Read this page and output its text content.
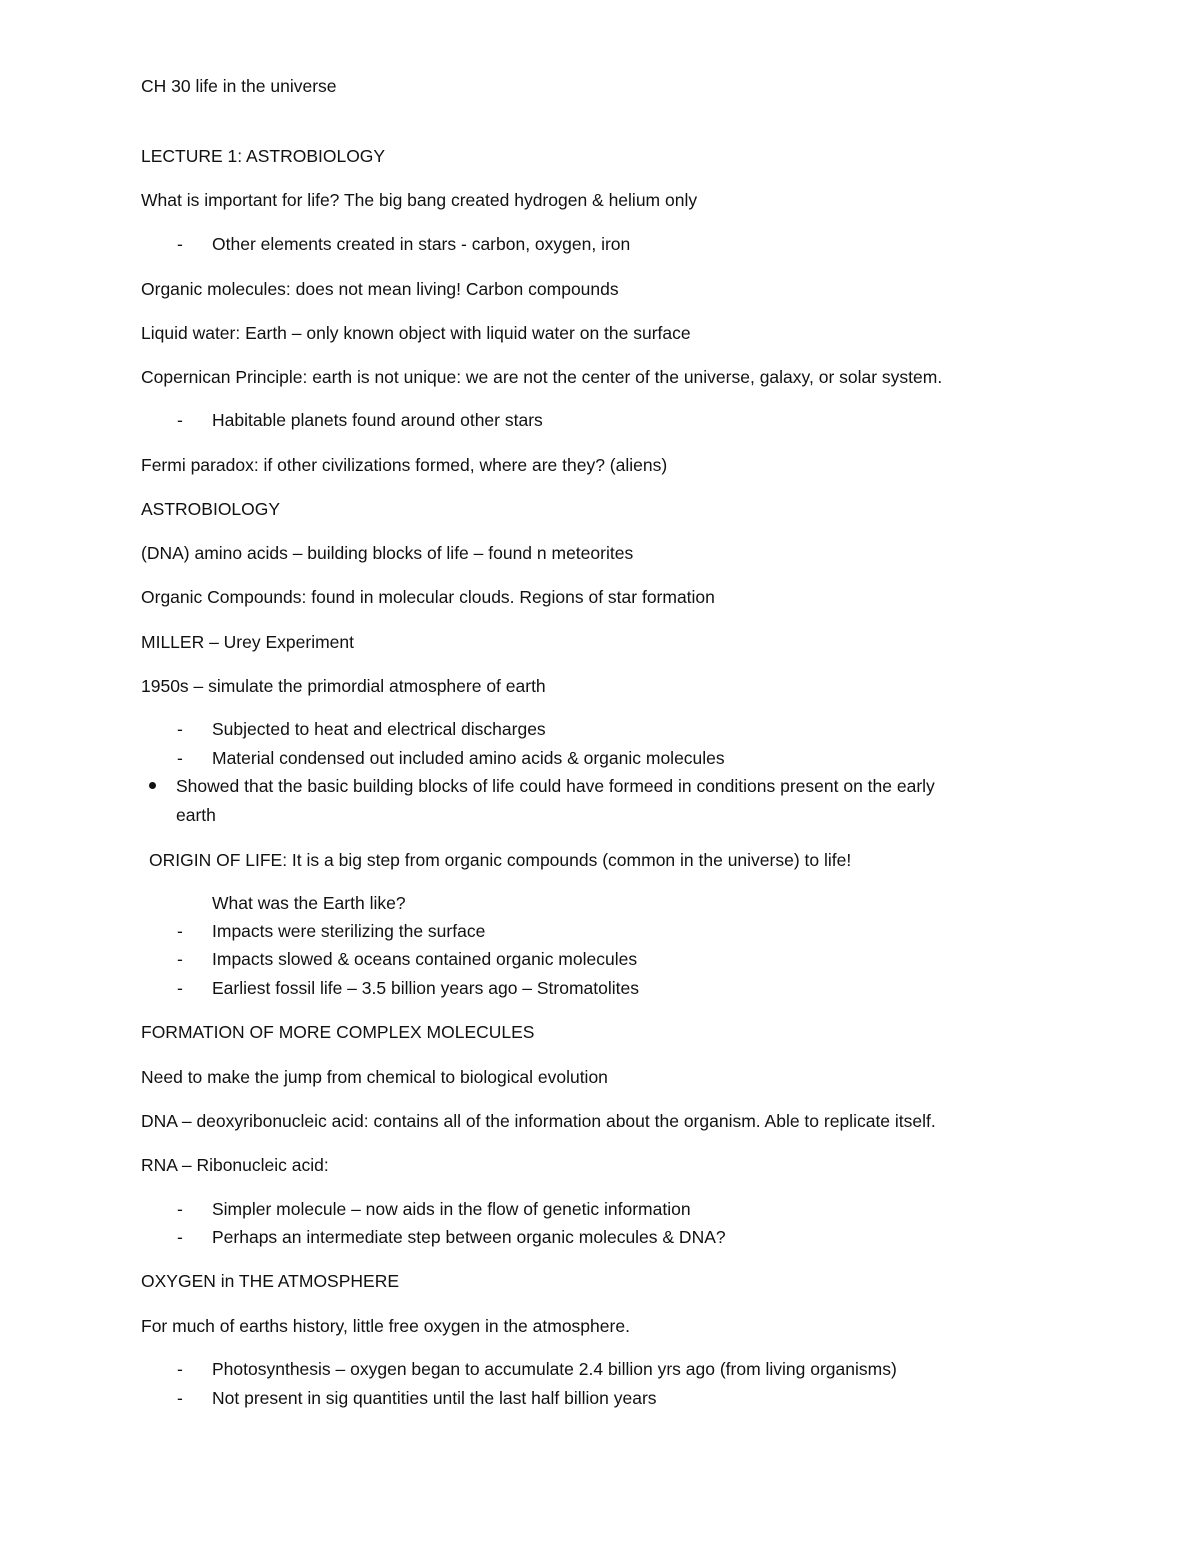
CH 30 life in the universe
LECTURE 1: ASTROBIOLOGY
What is important for life? The big bang created hydrogen & helium only
- Other elements created in stars - carbon, oxygen, iron
Organic molecules: does not mean living! Carbon compounds
Liquid water: Earth – only known object with liquid water on the surface
Copernican Principle: earth is not unique: we are not the center of the universe, galaxy, or solar system.
- Habitable planets found around other stars
Fermi paradox: if other civilizations formed, where are they? (aliens)
ASTROBIOLOGY
(DNA) amino acids – building blocks of life – found n meteorites
Organic Compounds: found in molecular clouds. Regions of star formation
MILLER – Urey Experiment
1950s – simulate the primordial atmosphere of earth
- Subjected to heat and electrical discharges
- Material condensed out included amino acids & organic molecules
Showed that the basic building blocks of life could have formeed in conditions present on the early
earth
ORIGIN OF LIFE: It is a big step from organic compounds (common in the universe) to life!
What was the Earth like?
- Impacts were sterilizing the surface
- Impacts slowed & oceans contained organic molecules
- Earliest fossil life – 3.5 billion years ago – Stromatolites
FORMATION OF MORE COMPLEX MOLECULES
Need to make the jump from chemical to biological evolution
DNA – deoxyribonucleic acid: contains all of the information about the organism. Able to replicate itself.
RNA – Ribonucleic acid:
- Simpler molecule – now aids in the flow of genetic information
- Perhaps an intermediate step between organic molecules & DNA?
OXYGEN in THE ATMOSPHERE
For much of earths history, little free oxygen in the atmosphere.
- Photosynthesis – oxygen began to accumulate 2.4 billion yrs ago (from living organisms)
- Not present in sig quantities until the last half billion years
